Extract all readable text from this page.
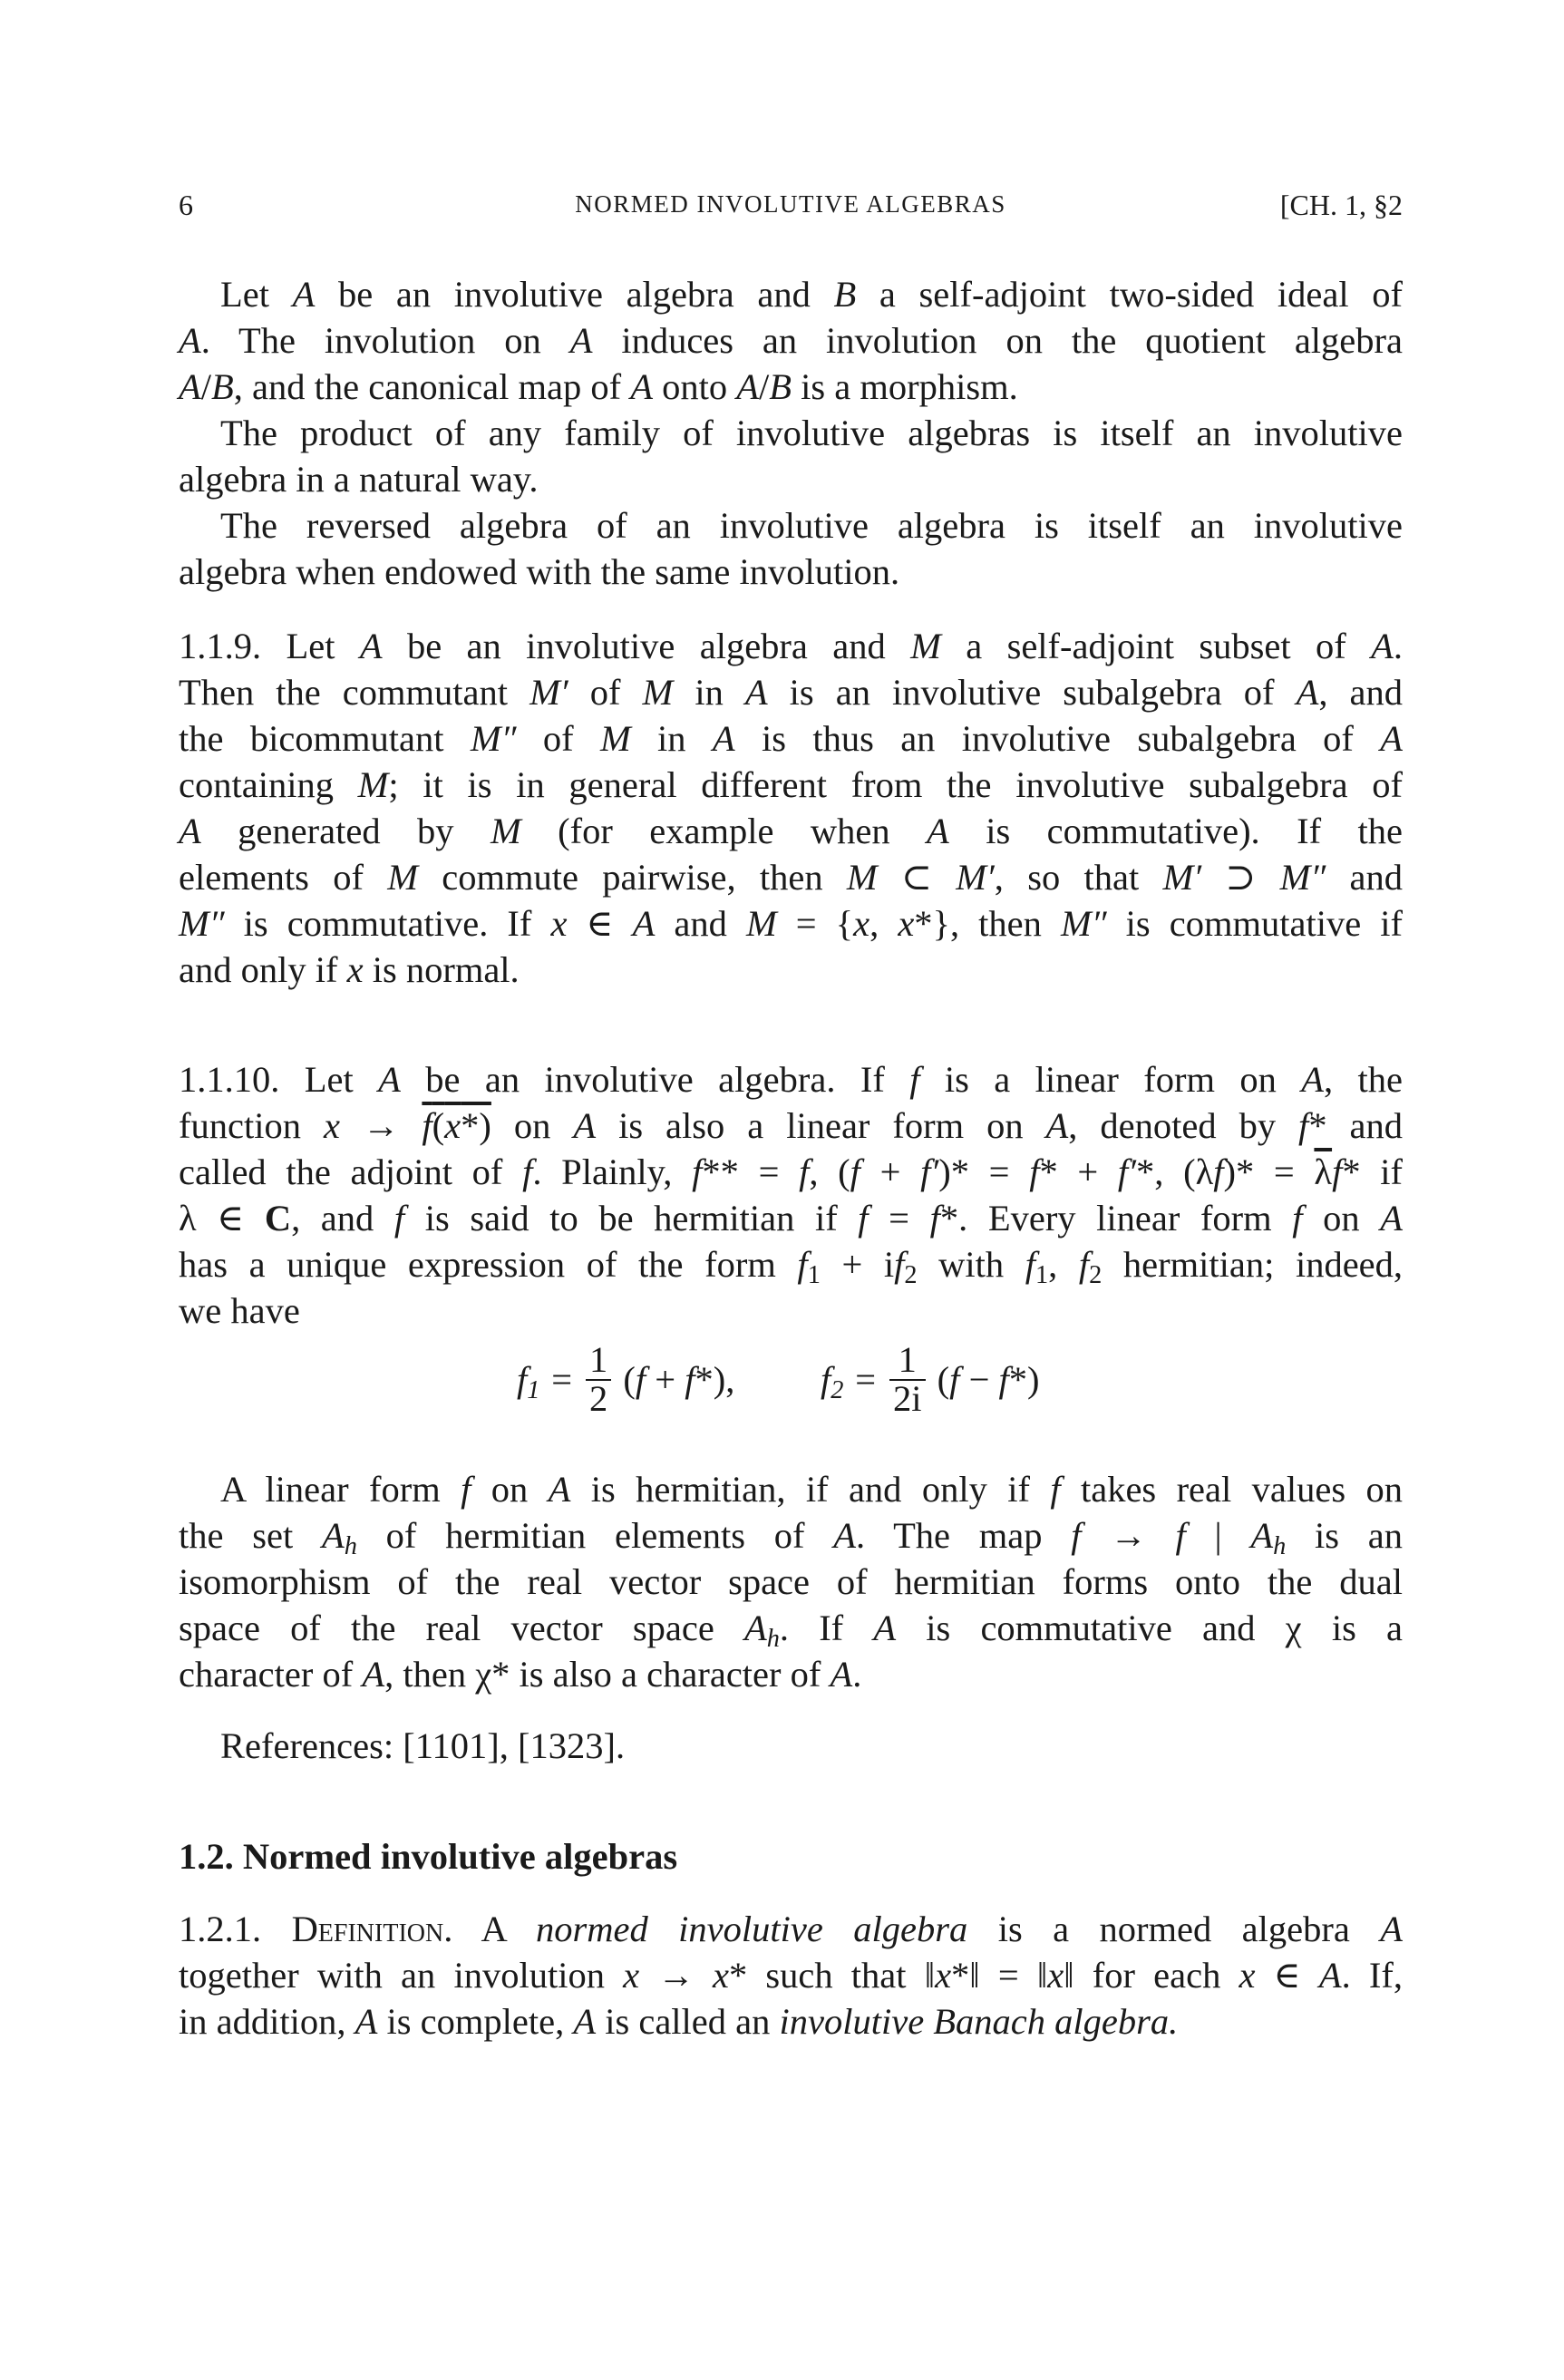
6	NORMED INVOLUTIVE ALGEBRAS	[CH. 1, §2
Let A be an involutive algebra and B a self-adjoint two-sided ideal of
A. The involution on A induces an involution on the quotient algebra
A/B, and the canonical map of A onto A/B is a morphism.
The product of any family of involutive algebras is itself an involutive
algebra in a natural way.
The reversed algebra of an involutive algebra is itself an involutive
algebra when endowed with the same involution.
1.1.9. Let A be an involutive algebra and M a self-adjoint subset of A.
Then the commutant M′ of M in A is an involutive subalgebra of A, and
the bicommutant M″ of M in A is thus an involutive subalgebra of A
containing M; it is in general different from the involutive subalgebra of
A generated by M (for example when A is commutative). If the
elements of M commute pairwise, then M ⊂ M′, so that M′ ⊃ M″ and
M″ is commutative. If x ∈ A and M = {x, x*}, then M″ is commutative if
and only if x is normal.
1.1.10. Let A be an involutive algebra. If f is a linear form on A, the
function x → f(x*) on A is also a linear form on A, denoted by f* and
called the adjoint of f. Plainly, f** = f, (f + f′)* = f* + f′*, $(\lambda f)* = \overline{\lambda}f*$ if
λ ∈ C, and f is said to be hermitian if f = f*. Every linear form f on A
has a unique expression of the form $f_1 + if_2$ with $f_1$, $f_2$ hermitian; indeed,
we have
$f_1 = \frac{1}{2} (f + f*)$, $f_2 = \frac{1}{2i} (f - f*)$
A linear form f on A is hermitian, if and only if f takes real values on
the set $A_h$ of hermitian elements of A. The map f → f | $A_h$ is an
isomorphism of the real vector space of hermitian forms onto the dual
space of the real vector space $A_h$. If A is commutative and χ is a
character of A, then χ* is also a character of A.
References: [1101], [1323].
1.2. Normed involutive algebras
1.2.1. Definition. A normed involutive algebra is a normed algebra A
together with an involution x → x* such that ‖x*‖ = ‖x‖ for each x ∈ A. If,
in addition, A is complete, A is called an involutive Banach algebra.
